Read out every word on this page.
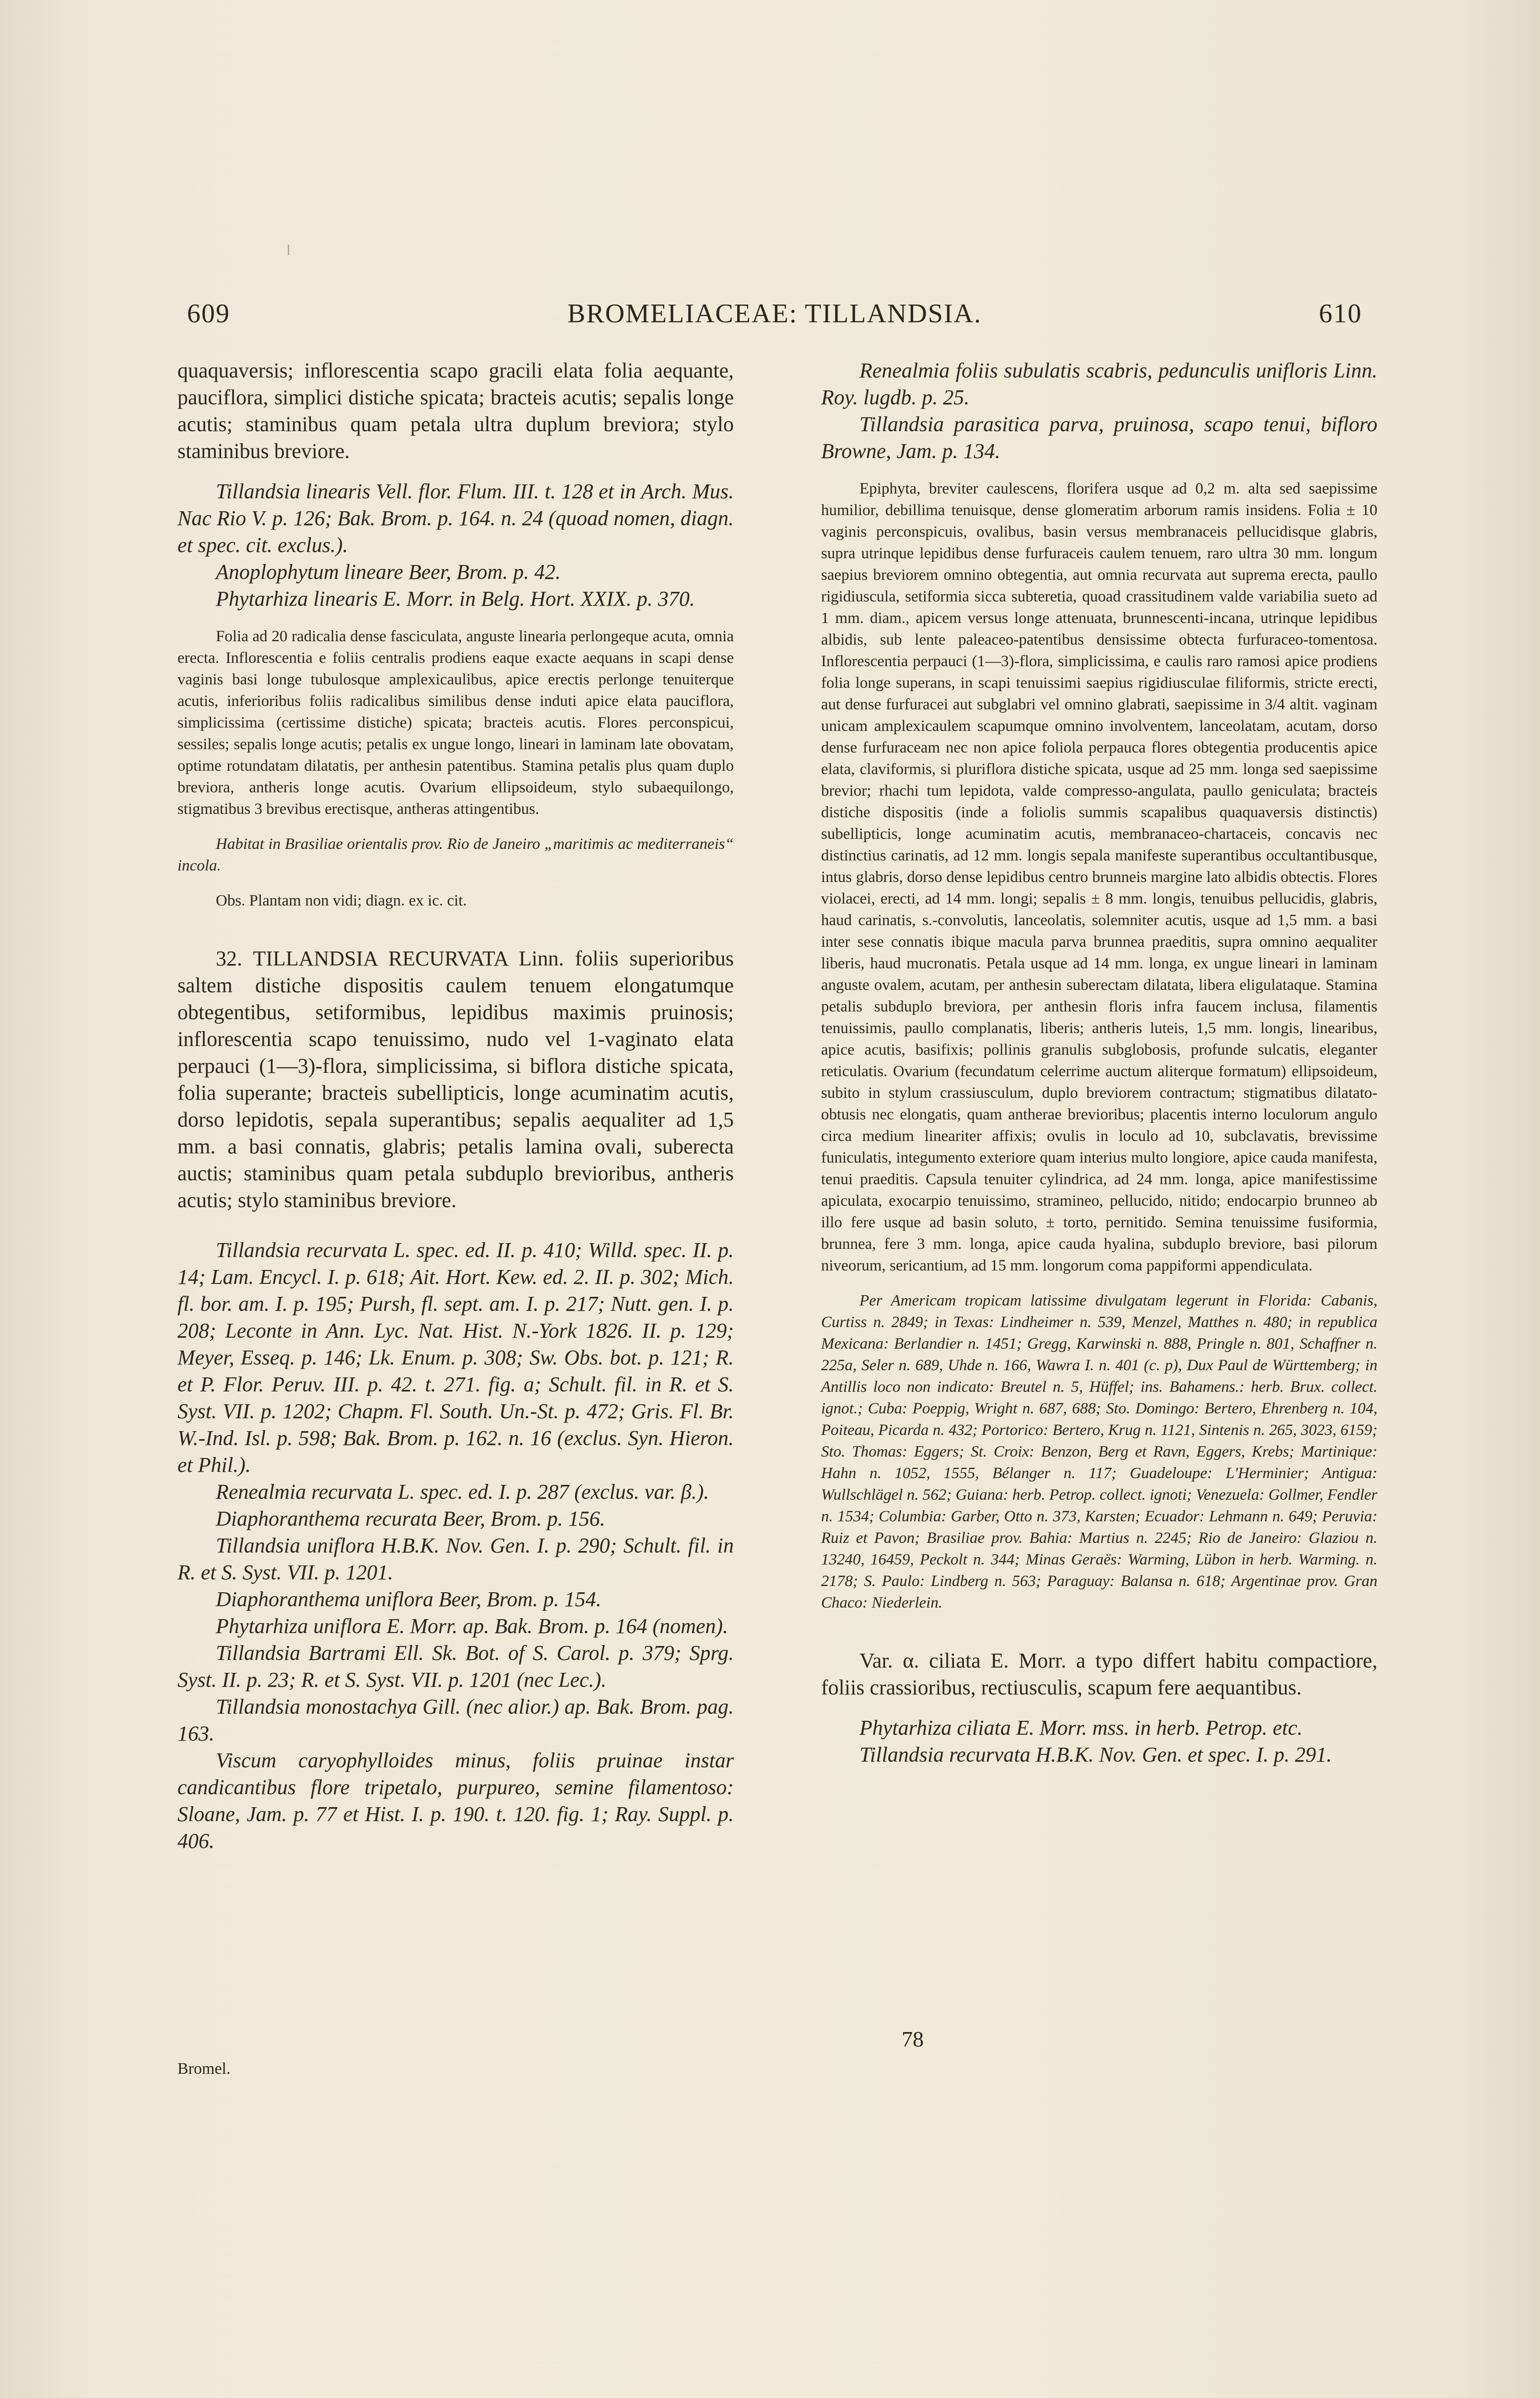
609	BROMELIACEAE: TILLANDSIA.	610

quaquaversis; inflorescentia scapo gracili elata folia aequante, pauciflora, simplici distiche spicata; bracteis acutis; sepalis longe acutis; staminibus quam petala ultra duplum breviora; stylo staminibus breviore.

Tillandsia linearis Vell. flor. Flum. III. t. 128 et in Arch. Mus. Nac Rio V. p. 126; Bak. Brom. p. 164. n. 24 (quoad nomen, diagn. et spec. cit. exclus.).

Anoplophytum lineare Beer, Brom. p. 42.

Phytarhiza linearis E. Morr. in Belg. Hort. XXIX. p. 370.

Folia ad 20 radicalia dense fasciculata, anguste linearia perlongeque acuta, omnia erecta. Inflorescentia e foliis centralis prodiens eaque exacte aequans in scapi dense vaginis basi longe tubulosque amplexicaulibus, apice erectis perlonge tenuiterque acutis, inferioribus foliis radicalibus similibus dense induti apice elata pauciflora, simplicissima (certissime distiche) spicata; bracteis acutis. Flores perconspicui, sessiles; sepalis longe acutis; petalis ex ungue longo, lineari in laminam late obovatam, optime rotundatam dilatatis, per anthesin patentibus. Stamina petalis plus quam duplo breviora, antheris longe acutis. Ovarium ellipsoideum, stylo subaequilongo, stigmatibus 3 brevibus erectisque, antheras attingentibus.

Habitat in Brasiliae orientalis prov. Rio de Janeiro „maritimis ac mediterraneis“ incola.

Obs. Plantam non vidi; diagn. ex ic. cit.

32. TILLANDSIA RECURVATA Linn. foliis superioribus saltem distiche dispositis caulem tenuem elongatumque obtegentibus, setiformibus, lepidibus maximis pruinosis; inflorescentia scapo tenuissimo, nudo vel 1-vaginato elata perpauci (1—3)-flora, simplicissima, si biflora distiche spicata, folia superante; bracteis subellipticis, longe acuminatim acutis, dorso lepidotis, sepala superantibus; sepalis aequaliter ad 1,5 mm. a basi connatis, glabris; petalis lamina ovali, suberecta auctis; staminibus quam petala subduplo brevioribus, antheris acutis; stylo staminibus breviore.

Tillandsia recurvata L. spec. ed. II. p. 410; Willd. spec. II. p. 14; Lam. Encycl. I. p. 618; Ait. Hort. Kew. ed. 2. II. p. 302; Mich. fl. bor. am. I. p. 195; Pursh, fl. sept. am. I. p. 217; Nutt. gen. I. p. 208; Leconte in Ann. Lyc. Nat. Hist. N.-York 1826. II. p. 129; Meyer, Esseq. p. 146; Lk. Enum. p. 308; Sw. Obs. bot. p. 121; R. et P. Flor. Peruv. III. p. 42. t. 271. fig. a; Schult. fil. in R. et S. Syst. VII. p. 1202; Chapm. Fl. South. Un.-St. p. 472; Gris. Fl. Br. W.-Ind. Isl. p. 598; Bak. Brom. p. 162. n. 16 (exclus. Syn. Hieron. et Phil.).

Renealmia recurvata L. spec. ed. I. p. 287 (exclus. var. β.).

Diaphoranthema recurata Beer, Brom. p. 156.

Tillandsia uniflora H.B.K. Nov. Gen. I. p. 290; Schult. fil. in R. et S. Syst. VII. p. 1201.

Diaphoranthema uniflora Beer, Brom. p. 154.

Phytarhiza uniflora E. Morr. ap. Bak. Brom. p. 164 (nomen).

Tillandsia Bartrami Ell. Sk. Bot. of S. Carol. p. 379; Sprg. Syst. II. p. 23; R. et S. Syst. VII. p. 1201 (nec Lec.).

Tillandsia monostachya Gill. (nec alior.) ap. Bak. Brom. pag. 163.

Viscum caryophylloides minus, foliis pruinae instar candicantibus flore tripetalo, purpureo, semine filamentoso: Sloane, Jam. p. 77 et Hist. I. p. 190. t. 120. fig. 1; Ray. Suppl. p. 406.

Renealmia foliis subulatis scabris, pedunculis unifloris Linn. Roy. lugdb. p. 25.

Tillandsia parasitica parva, pruinosa, scapo tenui, bifloro Browne, Jam. p. 134.

Epiphyta, breviter caulescens, florifera usque ad 0,2 m. alta sed saepissime humilior, debillima tenuisque, dense glomeratim arborum ramis insidens. Folia ± 10 vaginis perconspicuis, ovalibus, basin versus membranaceis pellucidisque glabris, supra utrinque lepidibus dense furfuraceis caulem tenuem, raro ultra 30 mm. longum saepius breviorem omnino obtegentia, aut omnia recurvata aut suprema erecta, paullo rigidiuscula, setiformia sicca subteretia, quoad crassitudinem valde variabilia sueto ad 1 mm. diam., apicem versus longe attenuata, brunnescenti-incana, utrinque lepidibus albidis, sub lente paleaceo-patentibus densissime obtecta furfuraceo-tomentosa. Inflorescentia perpauci (1—3)-flora, simplicissima, e caulis raro ramosi apice prodiens folia longe superans, in scapi tenuissimi saepius rigidiusculae filiformis, stricte erecti, aut dense furfuracei aut subglabri vel omnino glabrati, saepissime in 3/4 altit. vaginam unicam amplexicaulem scapumque omnino involventem, lanceolatam, acutam, dorso dense furfuraceam nec non apice foliola perpauca flores obtegentia producentis apice elata, claviformis, si pluriflora distiche spicata, usque ad 25 mm. longa sed saepissime brevior; rhachi tum lepidota, valde compresso-angulata, paullo geniculata; bracteis distiche dispositis (inde a foliolis summis scapalibus quaquaversis distinctis) subellipticis, longe acuminatim acutis, membranaceo-chartaceis, concavis nec distinctius carinatis, ad 12 mm. longis sepala manifeste superantibus occultantibusque, intus glabris, dorso dense lepidibus centro brunneis margine lato albidis obtectis. Flores violacei, erecti, ad 14 mm. longi; sepalis ± 8 mm. longis, tenuibus pellucidis, glabris, haud carinatis, s.-convolutis, lanceolatis, solemniter acutis, usque ad 1,5 mm. a basi inter sese connatis ibique macula parva brunnea praeditis, supra omnino aequaliter liberis, haud mucronatis. Petala usque ad 14 mm. longa, ex ungue lineari in laminam anguste ovalem, acutam, per anthesin suberectam dilatata, libera eligulataque. Stamina petalis subduplo breviora, per anthesin floris infra faucem inclusa, filamentis tenuissimis, paullo complanatis, liberis; antheris luteis, 1,5 mm. longis, linearibus, apice acutis, basifixis; pollinis granulis subglobosis, profunde sulcatis, eleganter reticulatis. Ovarium (fecundatum celerrime auctum aliterque formatum) ellipsoideum, subito in stylum crassiusculum, duplo breviorem contractum; stigmatibus dilatato-obtusis nec elongatis, quam antherae brevioribus; placentis interno loculorum angulo circa medium lineariter affixis; ovulis in loculo ad 10, subclavatis, brevissime funiculatis, integumento exteriore quam interius multo longiore, apice cauda manifesta, tenui praeditis. Capsula tenuiter cylindrica, ad 24 mm. longa, apice manifestissime apiculata, exocarpio tenuissimo, stramineo, pellucido, nitido; endocarpio brunneo ab illo fere usque ad basin soluto, ± torto, pernitido. Semina tenuissime fusiformia, brunnea, fere 3 mm. longa, apice cauda hyalina, subduplo breviore, basi pilorum niveorum, sericantium, ad 15 mm. longorum coma pappiformi appendiculata.

Per Americam tropicam latissime divulgatam legerunt in Florida: Cabanis, Curtiss n. 2849; in Texas: Lindheimer n. 539, Menzel, Matthes n. 480; in republica Mexicana: Berlandier n. 1451; Gregg, Karwinski n. 888, Pringle n. 801, Schaffner n. 225a, Seler n. 689, Uhde n. 166, Wawra I. n. 401 (c. p), Dux Paul de Württemberg; in Antillis loco non indicato: Breutel n. 5, Hüffel; ins. Bahamens.: herb. Brux. collect. ignot.; Cuba: Poeppig, Wright n. 687, 688; Sto. Domingo: Bertero, Ehrenberg n. 104, Poiteau, Picarda n. 432; Portorico: Bertero, Krug n. 1121, Sintenis n. 265, 3023, 6159; Sto. Thomas: Eggers; St. Croix: Benzon, Berg et Ravn, Eggers, Krebs; Martinique: Hahn n. 1052, 1555, Bélanger n. 117; Guadeloupe: L'Herminier; Antigua: Wullschlägel n. 562; Guiana: herb. Petrop. collect. ignoti; Venezuela: Gollmer, Fendler n. 1534; Columbia: Garber, Otto n. 373, Karsten; Ecuador: Lehmann n. 649; Peruvia: Ruiz et Pavon; Brasiliae prov. Bahia: Martius n. 2245; Rio de Janeiro: Glaziou n. 13240, 16459, Peckolt n. 344; Minas Geraës: Warming, Lübon in herb. Warming. n. 2178; S. Paulo: Lindberg n. 563; Paraguay: Balansa n. 618; Argentinae prov. Gran Chaco: Niederlein.

Var. α. ciliata E. Morr. a typo differt habitu compactiore, foliis crassioribus, rectiusculis, scapum fere aequantibus.

Phytarhiza ciliata E. Morr. mss. in herb. Petrop. etc.

Tillandsia recurvata H.B.K. Nov. Gen. et spec. I. p. 291.

Bromel.
78
